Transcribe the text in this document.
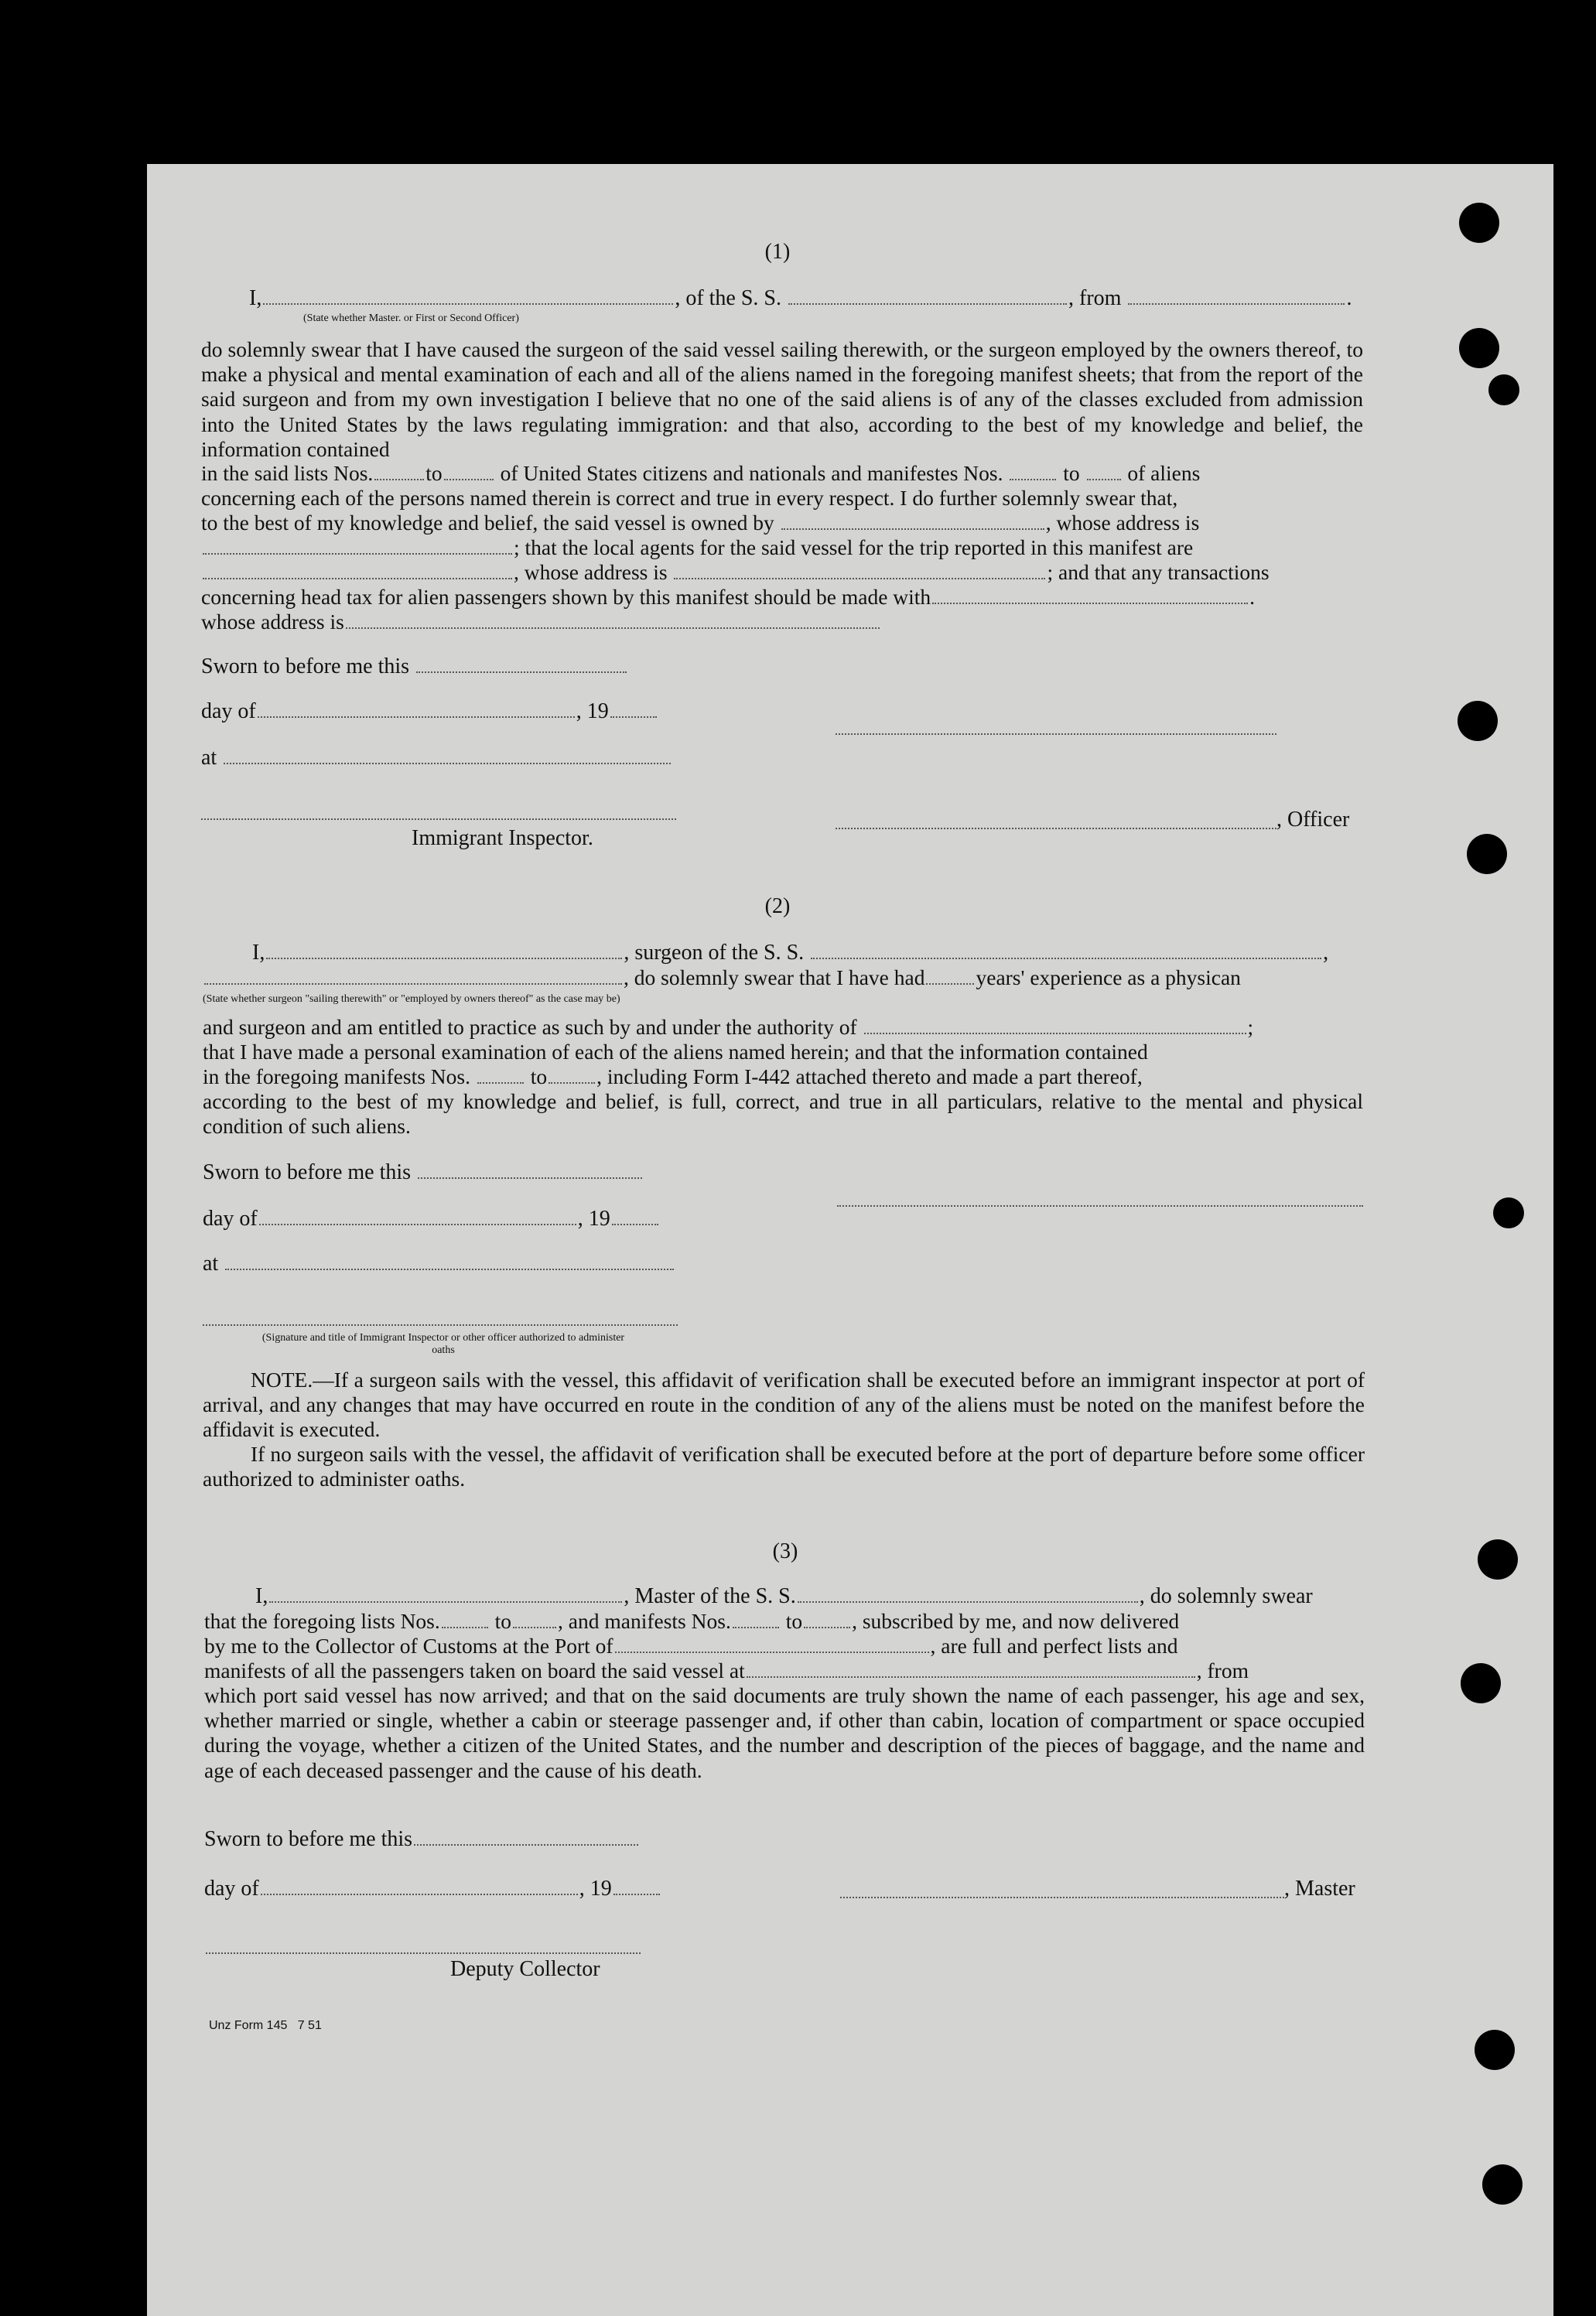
(1)
I,	, of the S. S.	, from	.
(State whether Master. or First or Second Officer)
do solemnly swear that I have caused the surgeon of the said vessel sailing therewith, or the surgeon employed by the owners thereof, to make a physical and mental examination of each and all of the aliens named in the foregoing manifest sheets; that from the report of the said surgeon and from my own investigation I believe that no one of the said aliens is of any of the classes excluded from admission into the United States by the laws regulating immigration: and that also, according to the best of my knowledge and belief, the information contained
in the said lists Nos. to	of United States citizens and nationals and manifestes Nos.	to of aliens
concerning each of the persons named therein is correct and true in every respect. I do further solemnly swear that,
to the best of my knowledge and belief, the said vessel is owned by	, whose address is
; that the local agents for the said vessel for the trip reported in this manifest are
, whose address is	; and that any transactions
concerning head tax for alien passengers shown by this manifest should be made with	.
whose address is
Sworn to before me this
day of	, 19
at
, Officer
Immigrant Inspector.
(2)
I,	, surgeon of the S. S.	,
, do solemnly swear that I have had years' experience as a physican
(State whether surgeon "sailing therewith" or "employed by owners thereof" as the case may be)
and surgeon and am entitled to practice as such by and under the authority of	;
that I have made a personal examination of each of the aliens named herein; and that the information contained
in the foregoing manifests Nos.	to , including Form I-442 attached thereto and made a part thereof,
according to the best of my knowledge and belief, is full, correct, and true in all particulars, relative to the mental and physical condition of such aliens.
Sworn to before me this
day of	, 19
at
(Signature and title of Immigrant Inspector or other officer authorized to administer oaths
NOTE.—If a surgeon sails with the vessel, this affidavit of verification shall be executed before an immigrant inspector at port of arrival, and any changes that may have occurred en route in the condition of any of the aliens must be noted on the manifest before the affidavit is executed.
If no surgeon sails with the vessel, the affidavit of verification shall be executed before at the port of departure before some officer authorized to administer oaths.
(3)
I,	, Master of the S. S.	, do solemnly swear
that the foregoing lists Nos.	to , and manifests Nos.	to , subscribed by me, and now delivered
by me to the Collector of Customs at the Port of	, are full and perfect lists and
manifests of all the passengers taken on board the said vessel at	, from
which port said vessel has now arrived; and that on the said documents are truly shown the name of each passenger, his age and sex, whether married or single, whether a cabin or steerage passenger and, if other than cabin, location of compartment or space occupied during the voyage, whether a citizen of the United States, and the number and description of the pieces of baggage, and the name and age of each deceased passenger and the cause of his death.
Sworn to before me this
day of	, 19	, Master
Deputy Collector
Unz Form 145   7 51
